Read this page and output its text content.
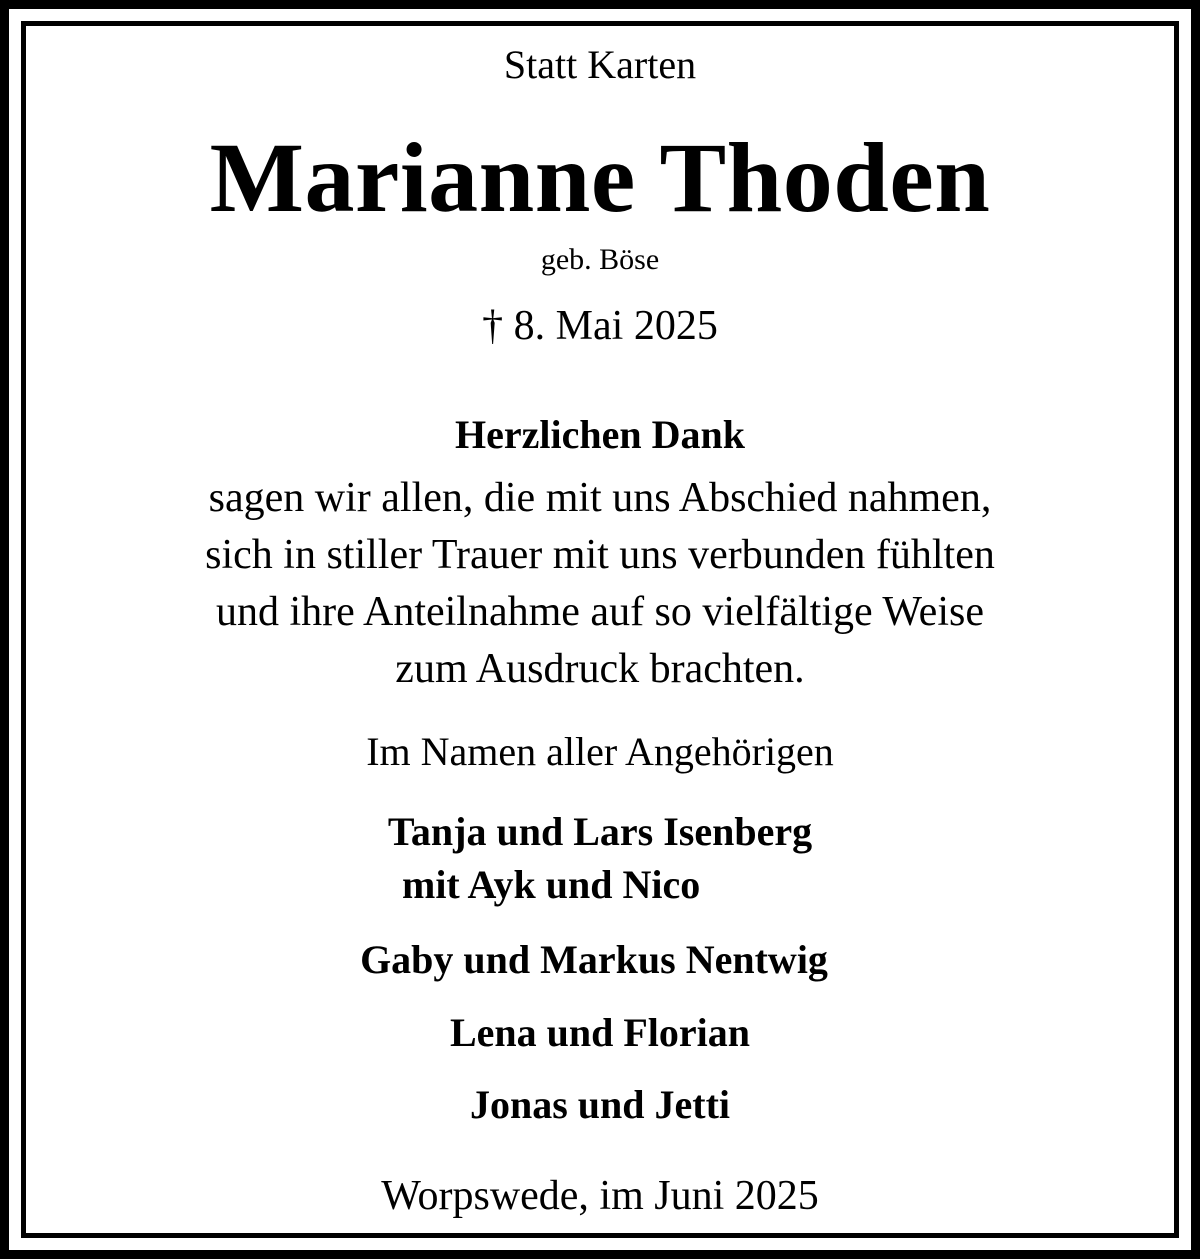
Statt Karten
Marianne Thoden
geb. Böse
† 8. Mai 2025
Herzlichen Dank
sagen wir allen, die mit uns Abschied nahmen,
sich in stiller Trauer mit uns verbunden fühlten
und ihre Anteilnahme auf so vielfältige Weise
zum Ausdruck brachten.
Im Namen aller Angehörigen
Tanja und Lars Isenberg
mit Ayk und Nico
Gaby und Markus Nentwig
Lena und Florian
Jonas und Jetti
Worpswede, im Juni 2025
